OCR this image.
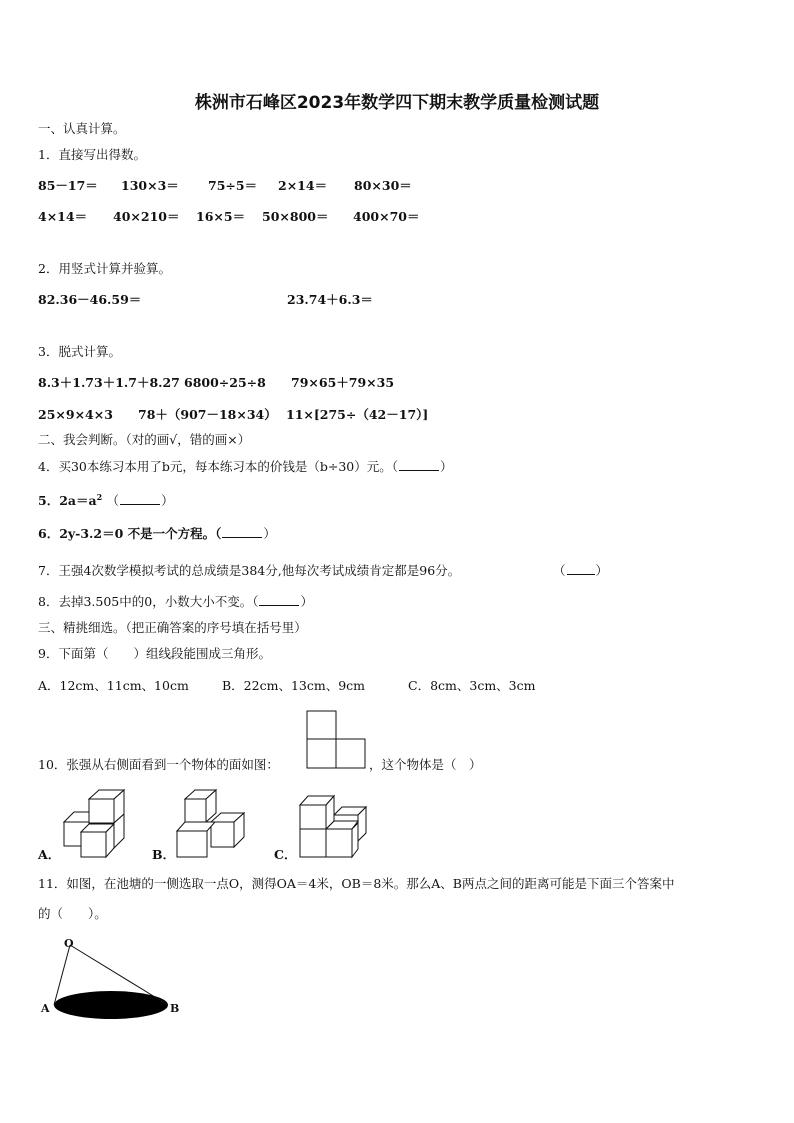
株洲市石峰区2023年数学四下期末教学质量检测试题
一、认真计算。
1．直接写出得数。
85－17＝ 130×3＝ 75÷5＝ 2×14＝ 80×30＝
4×14＝ 40×210＝ 16×5＝ 50×800＝ 400×70＝
2．用竖式计算并验算。
82.36－46.59＝	23.74＋6.3＝
3．脱式计算。
8.3＋1.73＋1.7＋8.27 6800÷25÷8 79×65＋79×35
25×9×4×3 78＋（907－18×34） 11×[275÷（42－17）]
二、我会判断。（对的画√，错的画×）
4．买30本练习本用了b元，每本练习本的价钱是（b÷30）元。（	）
5．$2a=a^2$ （	）
6．2y-3.2＝0 不是一个方程。（	）
7．王强4次数学模拟考试的总成绩是384分,他每次考试成绩肯定都是96分。	（ ）
8．去掉3.505中的0，小数大小不变。（	）
三、精挑细选。（把正确答案的序号填在括号里）
9．下面第（　　）组线段能围成三角形。
A．12cm、11cm、10cm	B．22cm、13cm、9cm	C．8cm、3cm、3cm
10．张强从右侧面看到一个物体的面如图：	，这个物体是（　）
A．	B．	C．
11．如图，在池塘的一侧选取一点O，测得OA＝4米，OB＝8米。那么A、B两点之间的距离可能是下面三个答案中
的（　　）。
O
A	B
